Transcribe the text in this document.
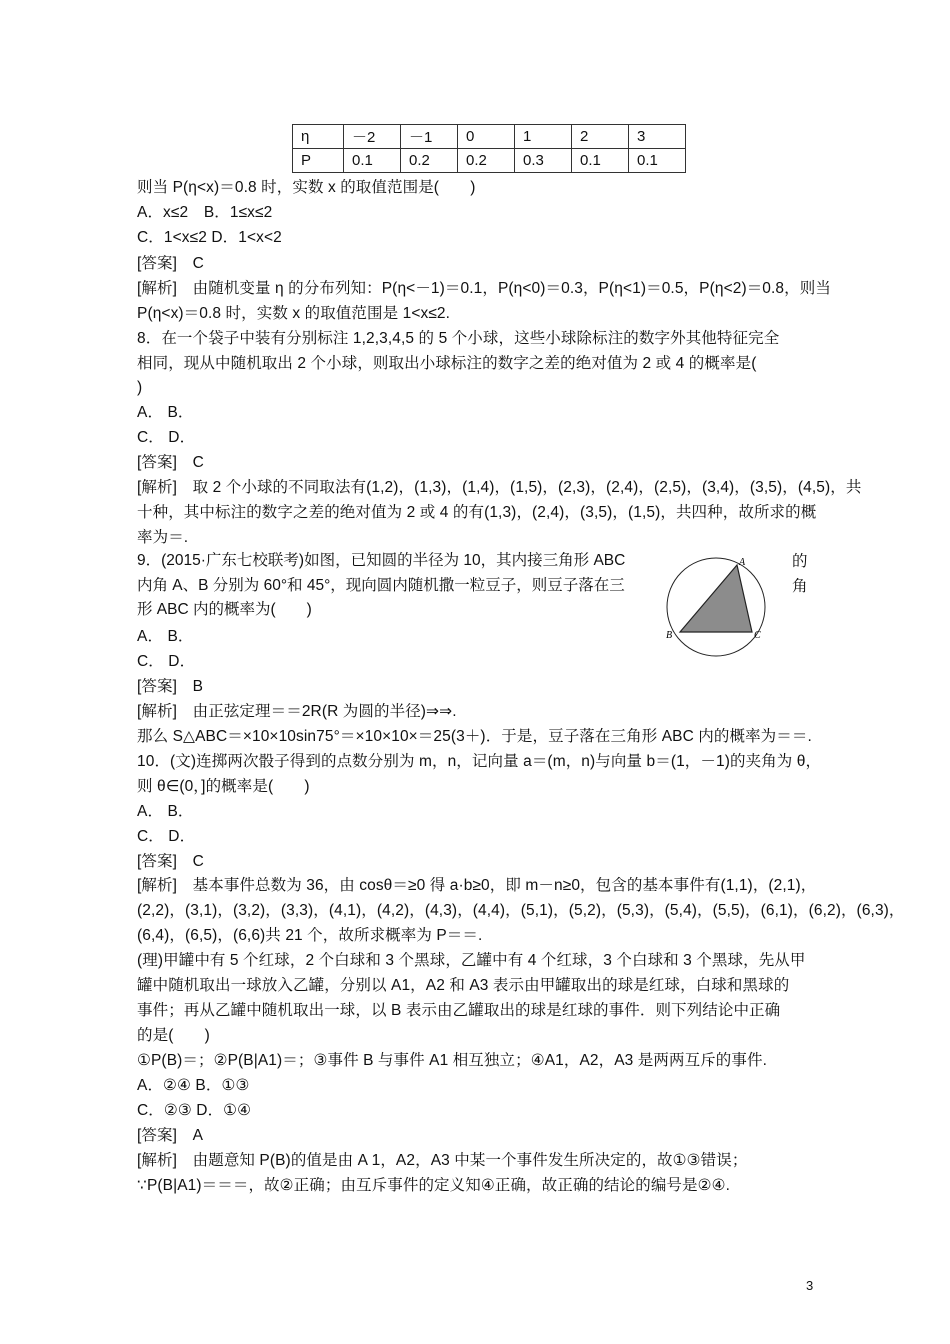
η	－2	－1	0	1	2	3
P	0.1	0.2	0.2	0.3	0.1	0.1
则当 P(η<x)＝0.8 时，实数 x 的取值范围是(　　)
A．x≤2　B．1≤x≤2
C．1<x≤2 D．1<x<2
[答案]　C
[解析]　由随机变量 η 的分布列知：P(η<－1)＝0.1，P(η<0)＝0.3，P(η<1)＝0.5，P(η<2)＝0.8，则当
P(η<x)＝0.8 时，实数 x 的取值范围是 1<x≤2.
8．在一个袋子中装有分别标注 1,2,3,4,5 的 5 个小球，这些小球除标注的数字外其他特征完全
相同，现从中随机取出 2 个小球，则取出小球标注的数字之差的绝对值为 2 或 4 的概率是(
)
A． B．
C． D．
[答案]　C
[解析]　取 2 个小球的不同取法有(1,2)，(1,3)，(1,4)，(1,5)，(2,3)，(2,4)，(2,5)，(3,4)，(3,5)，(4,5)，共
十种，其中标注的数字之差的绝对值为 2 或 4 的有(1,3)，(2,4)，(3,5)，(1,5)，共四种，故所求的概
率为＝.
9．(2015·广东七校联考)如图，已知圆的半径为 10，其内接三角形 ABC
内角 A、B 分别为 60°和 45°，现向圆内随机撒一粒豆子，则豆子落在三
形 ABC 内的概率为(　　)
的
角
A
B	C
A． B．
C． D．
[答案]　B
[解析]　由正弦定理＝＝2R(R 为圆的半径)⇒⇒.
那么 S△ABC＝×10×10sin75°＝×10×10×＝25(3＋)．于是，豆子落在三角形 ABC 内的概率为＝＝.
10．(文)连掷两次骰子得到的点数分别为 m，n，记向量 a＝(m，n)与向量 b＝(1，－1)的夹角为 θ，
则 θ∈(0，]的概率是(　　)
A． B．
C． D．
[答案]　C
[解析]　基本事件总数为 36，由 cosθ＝≥0 得 a·b≥0，即 m－n≥0，包含的基本事件有(1,1)，(2,1)，
(2,2)，(3,1)，(3,2)，(3,3)，(4,1)，(4,2)，(4,3)，(4,4)，(5,1)，(5,2)，(5,3)，(5,4)，(5,5)，(6,1)，(6,2)，(6,3)，
(6,4)，(6,5)，(6,6)共 21 个，故所求概率为 P＝＝.
(理)甲罐中有 5 个红球，2 个白球和 3 个黑球，乙罐中有 4 个红球，3 个白球和 3 个黑球，先从甲
罐中随机取出一球放入乙罐，分别以 A1，A2 和 A3 表示由甲罐取出的球是红球，白球和黑球的
事件；再从乙罐中随机取出一球，以 B 表示由乙罐取出的球是红球的事件．则下列结论中正确
的是(　　)
①P(B)＝；②P(B|A1)＝；③事件 B 与事件 A1 相互独立；④A1，A2，A3 是两两互斥的事件.
A．②④ B．①③
C．②③ D．①④
[答案]　A
[解析]　由题意知 P(B)的值是由 A 1，A2，A3 中某一个事件发生所决定的，故①③错误；
∵P(B|A1)＝＝＝，故②正确；由互斥事件的定义知④正确，故正确的结论的编号是②④.
3
